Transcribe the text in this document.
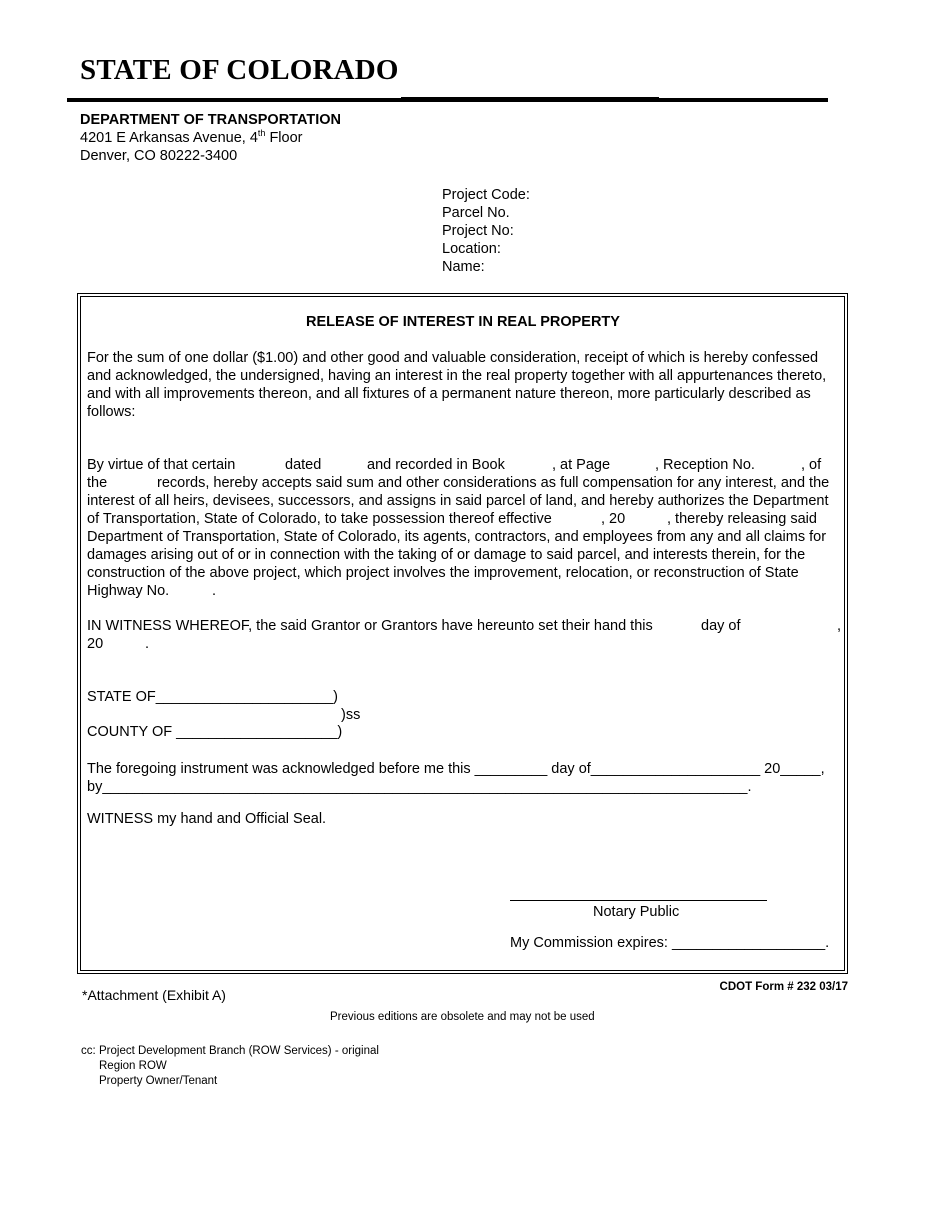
STATE OF COLORADO
DEPARTMENT OF TRANSPORTATION
4201 E Arkansas Avenue, 4th Floor
Denver, CO 80222-3400
Project Code:
Parcel No.
Project No:
Location:
Name:
RELEASE OF INTEREST IN REAL PROPERTY
For the sum of one dollar ($1.00) and other good and valuable consideration, receipt of which is hereby confessed and acknowledged, the undersigned, having an interest in the real property together with all appurtenances thereto, and with all improvements thereon, and all fixtures of a permanent nature thereon, more particularly described as follows:
By virtue of that certain	dated	and recorded in Book	, at Page	, Reception No.	, of
the	records, hereby accepts said sum and other considerations as full compensation for any interest, and the
interest of all heirs, devisees, successors, and assigns in said parcel of land, and hereby authorizes the Department
of Transportation, State of Colorado, to take possession thereof effective	, 20	, thereby releasing said
Department of Transportation, State of Colorado, its agents, contractors, and employees from any and all claims for
damages arising out of or in connection with the taking of or damage to said parcel, and interests therein, for the
construction of the above project, which project involves the improvement, relocation, or reconstruction of State
Highway No.	.
IN WITNESS WHEREOF, the said Grantor or Grantors have hereunto set their hand this	day of	,
20	.
STATE OF______________________)
)ss
COUNTY OF ____________________)
The foregoing instrument was acknowledged before me this _________ day of_____________________ 20_____,
by________________________________________________________________________________.
WITNESS my hand and Official Seal.
Notary Public
My Commission expires: ___________________.
*Attachment (Exhibit A)	CDOT Form # 232 03/17
Previous editions are obsolete and may not be used
cc: Project Development Branch (ROW Services) - original
Region ROW
Property Owner/Tenant
